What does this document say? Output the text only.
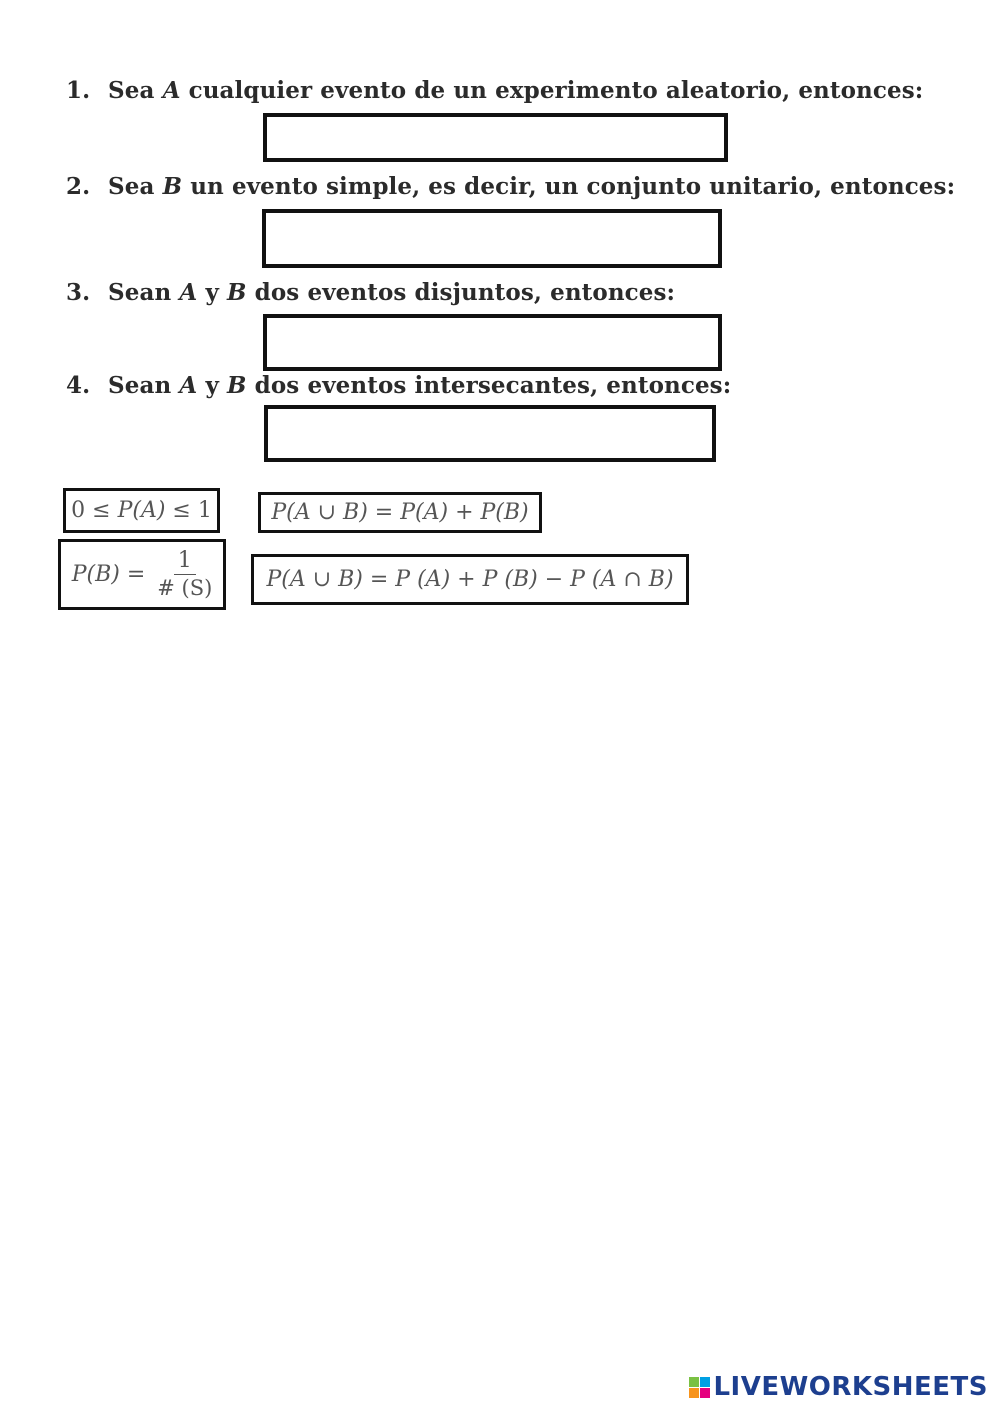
1. Sea A cualquier evento de un experimento aleatorio, entonces:
2. Sea B un evento simple, es decir, un conjunto unitario, entonces:
3. Sean A y B dos eventos disjuntos, entonces:
4. Sean A y B dos eventos intersecantes, entonces:
0 ≤ P(A) ≤ 1	P(A ∪ B) = P(A) + P(B)
$P(B) = \frac{1}{\# (S)} P(A$ ∪ B) = P (A) + P (B) − P (A ∩ B)
LIVEWORKSHEETS
